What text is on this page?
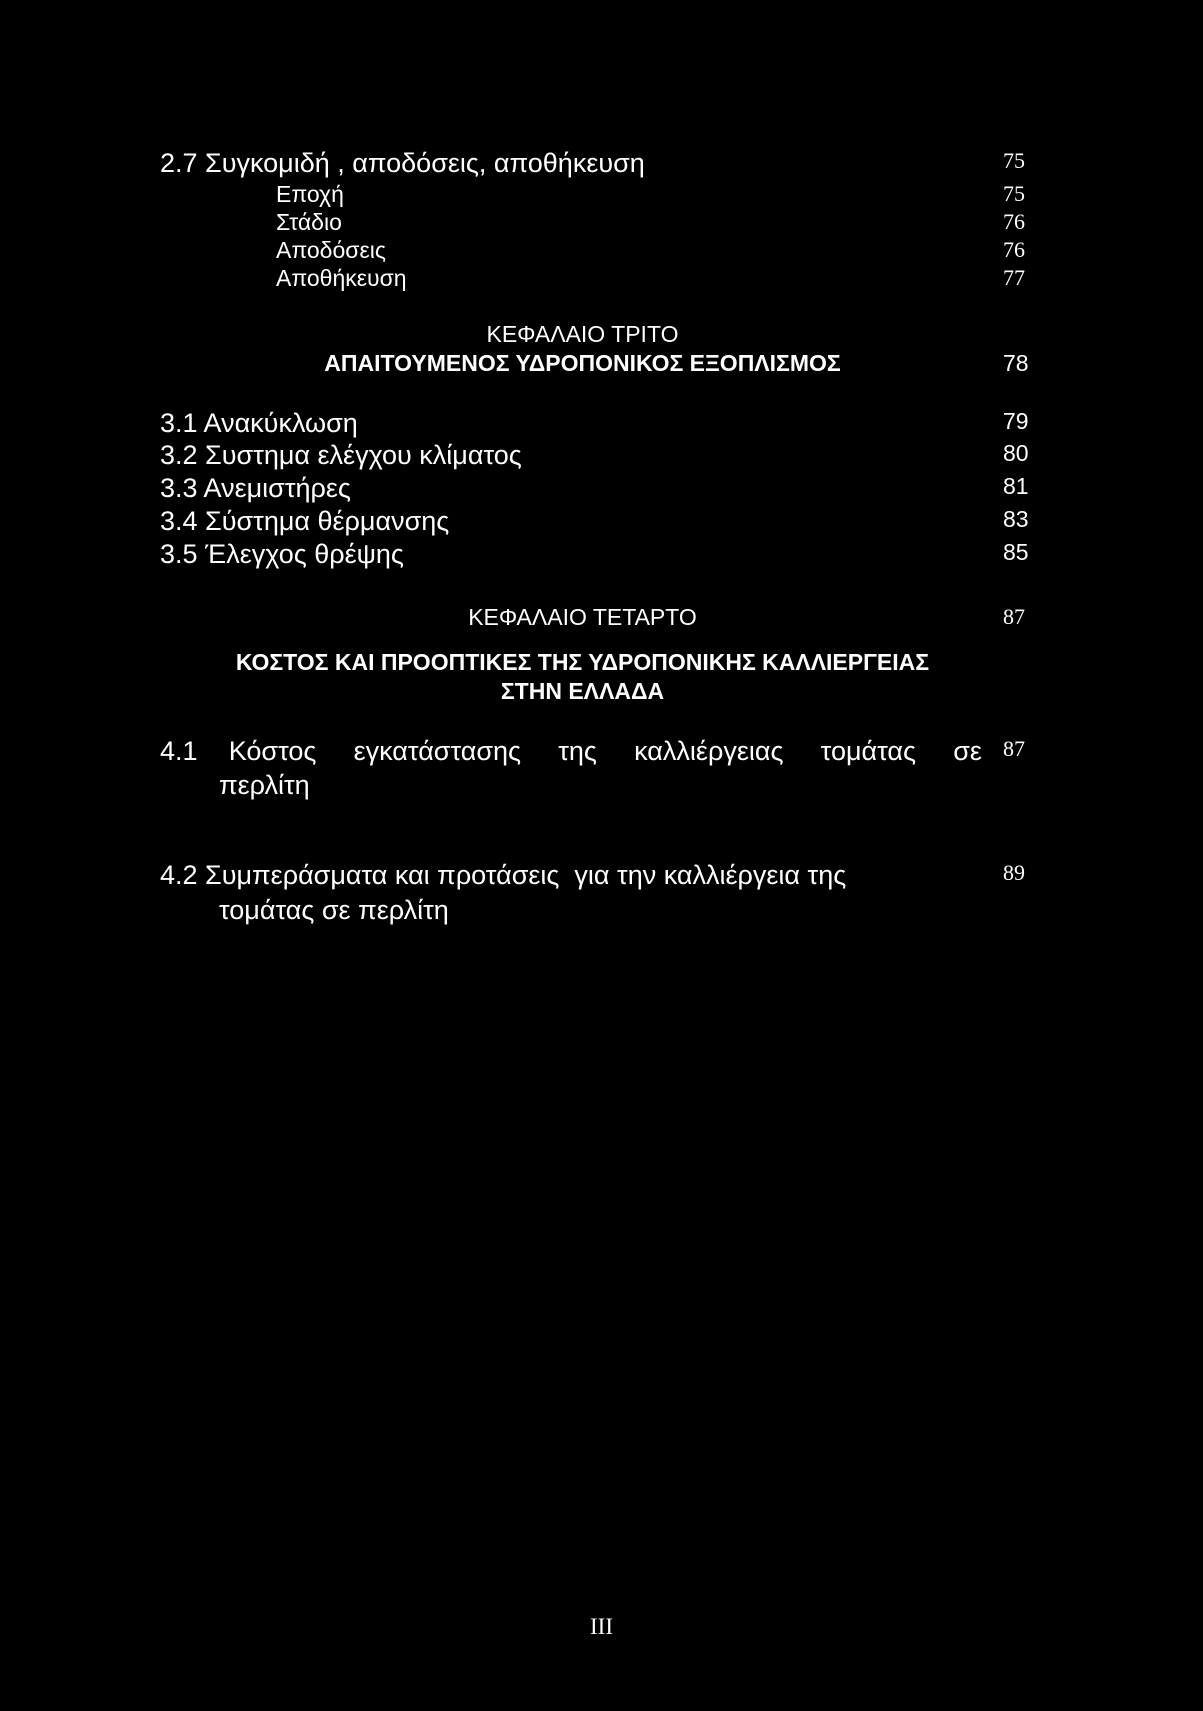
2.7 Συγκομιδή , αποδόσεις, αποθήκευση	75
Εποχή	75
Στάδιο	76
Αποδόσεις	76
Αποθήκευση	77
ΚΕΦΑΛΑΙΟ ΤΡΙΤΟ
ΑΠΑΙΤΟΥΜΕΝΟΣ ΥΔΡΟΠΟΝΙΚΟΣ ΕΞΟΠΛΙΣΜΟΣ	78
3.1 Ανακύκλωση	79
3.2 Συστημα ελέγχου κλίματος	80
3.3 Ανεμιστήρες	81
3.4 Σύστημα θέρμανσης	83
3.5 Έλεγχος θρέψης	85
ΚΕΦΑΛΑΙΟ ΤΕΤΑΡΤΟ	87
ΚΟΣΤΟΣ ΚΑΙ ΠΡΟΟΠΤΙΚΕΣ ΤΗΣ ΥΔΡΟΠΟΝΙΚΗΣ ΚΑΛΛΙΕΡΓΕΙΑΣ
ΣΤΗΝ ΕΛΛΑΔΑ
4.1 Κόστος εγκατάστασης της καλλιέργειας τομάτας σε 87
περλίτη
4.2 Συμπεράσματα και προτάσεις  για την καλλιέργεια της	89
τομάτας σε περλίτη
III
